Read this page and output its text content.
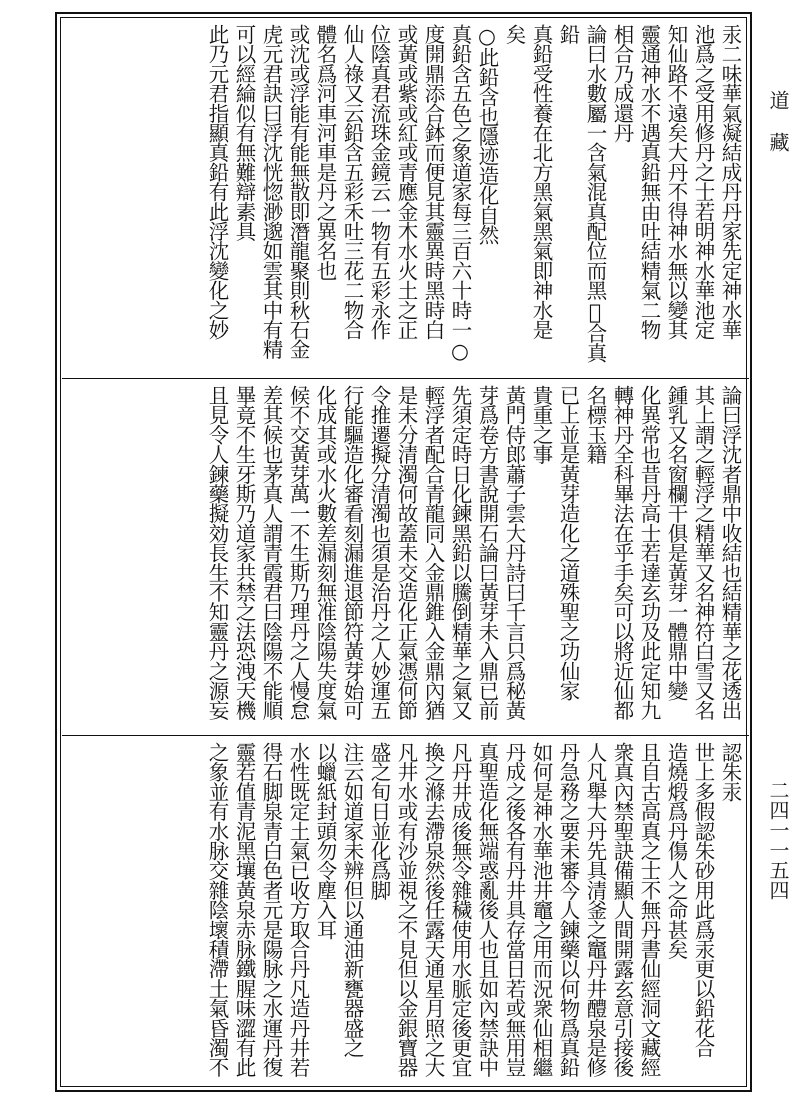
汞二味華氣凝結成丹丹家先定神水華
池爲之受用修丹之士若明神水華池定
知仙路不遠矣大丹不得神水無以變其
靈通神水不遇真鉛無由吐結精氣二物
相合乃成還丹
論曰水數屬一含氣混真配位而黑𦤺合真
鉛
真鉛受性養在北方黑氣黑氣即神水是
矣
○此鉛含也隱迹造化自然
真鉛含五色之象道家每三百六十時一○
度開鼎添合鉢而便見其靈異時黑時白
或黃或紫或紅或青應金木水火土之正
位陰真君流珠金鏡云一物有五彩永作
仙人祿又云鉛含五彩禾吐三花二物合
體名爲河車河車是丹之異名也
或沈或浮能有能無散即潛龍聚則秋石金
虎元君訣曰浮沈恍惚渺邈如雲其中有精
可以經綸似有無難辯素具
此乃元君指顯真鉛有此浮沈變化之妙
論曰浮沈者鼎中收結也結精華之花透出
其上謂之輕浮之精華又名神符白雪又名
鍾乳又名窗欄干俱是黃芽一體鼎中變
化異常也昔丹高士若達玄功及此定知九
轉神丹全科畢法在乎手矣可以將近仙都
名標玉籍
已上並是黃芽造化之道殊聖之功仙家
貴重之事
黃門侍郎蕭子雲大丹詩曰千言只爲秘黃
芽爲卷方書說開石論曰黃芽未入鼎已前
先須定時日化鍊黑鉛以騰倒精華之氣又
輕浮者配合青龍同入金鼎錐入金鼎內猶
是未分清濁何故蓋未交造化正氣憑何節
令推遷擬分清濁也須是治丹之人妙運五
行能驅造化審看刻漏進退節符黃芽始可
化成其或水火數差漏刻無准陰陽失度氣
候不交黃芽萬一不生斯乃理丹之人慢怠
差其候也茅真人謂青霞君曰陰陽不能順
畢竟不生牙斯乃道家共禁之法恐洩天機
且見令人鍊藥擬効長生不知靈丹之源妄
認朱汞
世上多假認朱砂用此爲汞更以鉛花合
造燒煅爲丹傷人之命甚矣
且自古高真之士不無丹書仙經洞文藏經
衆真內禁聖訣備顯人間開露玄意引接後
人凡舉大丹先具清釜之竈丹井醴泉是修
丹急務之要未審今人鍊藥以何物爲真鉛
如何是神水華池井竈之用而況衆仙相繼
丹成之後各有丹井具存當日若或無用豈
真聖造化無端惑亂後人也且如內禁訣中
凡丹井成後無令雜穢使用水脈定後更宜
換之滌去滯泉然後任露天通星月照之大
凡井水或有沙並視之不見但以金銀寶器
盛之旬日並化爲脚
注云如道家未辨但以通油新甕器盛之
以蠟紙封頭勿令塵入耳
水性既定土氣已收方取合丹凡造丹井若
得石脚泉青白色者元是陽脉之水運丹復
靈若值青泥黑壤黃泉赤脉鐵腥味澀有此
之象並有水脉交雜陰壞積滯土氣昏濁不
道藏
二四一一五四
